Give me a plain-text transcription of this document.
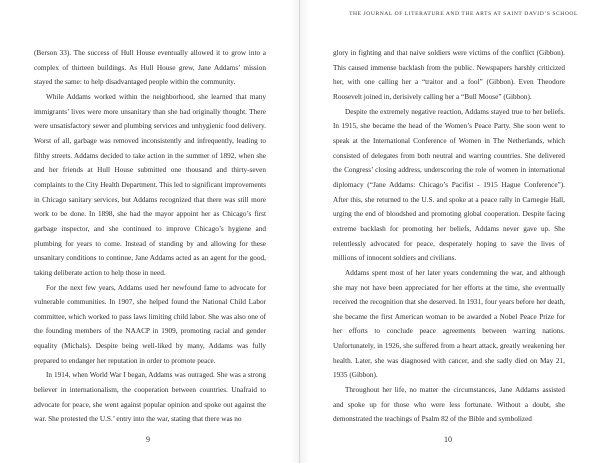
THE JOURNAL OF LITERATURE AND THE ARTS AT SAINT DAVID’S SCHOOL

(Berson 33). The success of Hull House eventually allowed it to grow into a complex of thirteen buildings. As Hull House grew, Jane Addams’ mission stayed the same: to help disadvantaged people within the community.

While Addams worked within the neighborhood, she learned that many immigrants’ lives were more unsanitary than she had originally thought. There were unsatisfactory sewer and plumbing services and unhygienic food delivery. Worst of all, garbage was removed inconsistently and infrequently, leading to filthy streets. Addams decided to take action in the summer of 1892, when she and her friends at Hull House submitted one thousand and thirty-seven complaints to the City Health Department. This led to significant improvements in Chicago sanitary services, but Addams recognized that there was still more work to be done. In 1898, she had the mayor appoint her as Chicago’s first garbage inspector, and she continued to improve Chicago’s hygiene and plumbing for years to come. Instead of standing by and allowing for these unsanitary conditions to continue, Jane Addams acted as an agent for the good, taking deliberate action to help those in need.

For the next few years, Addams used her newfound fame to advocate for vulnerable communities. In 1907, she helped found the National Child Labor committee, which worked to pass laws limiting child labor. She was also one of the founding members of the NAACP in 1909, promoting racial and gender equality (Michals). Despite being well-liked by many, Addams was fully prepared to endanger her reputation in order to promote peace.

In 1914, when World War I began, Addams was outraged. She was a strong believer in internationalism, the cooperation between countries. Unafraid to advocate for peace, she went against popular opinion and spoke out against the war. She protested the U.S.’ entry into the war, stating that there was no

glory in fighting and that naive soldiers were victims of the conflict (Gibbon). This caused immense backlash from the public. Newspapers harshly criticized her, with one calling her a “traitor and a fool” (Gibbon). Even Theodore Roosevelt joined in, derisively calling her a “Bull Moose” (Gibbon).

Despite the extremely negative reaction, Addams stayed true to her beliefs. In 1915, she became the head of the Women’s Peace Party. She soon went to speak at the International Conference of Women in The Netherlands, which consisted of delegates from both neutral and warring countries. She delivered the Congress’ closing address, underscoring the role of women in international diplomacy (“Jane Addams: Chicago’s Pacifist - 1915 Hague Conference”). After this, she returned to the U.S. and spoke at a peace rally in Carnegie Hall, urging the end of bloodshed and promoting global cooperation. Despite facing extreme backlash for promoting her beliefs, Addams never gave up. She relentlessly advocated for peace, desperately hoping to save the lives of millions of innocent soldiers and civilians.

Addams spent most of her later years condemning the war, and although she may not have been appreciated for her efforts at the time, she eventually received the recognition that she deserved. In 1931, four years before her death, she became the first American woman to be awarded a Nobel Peace Prize for her efforts to conclude peace agreements between warring nations. Unfortunately, in 1926, she suffered from a heart attack, greatly weakening her health. Later, she was diagnosed with cancer, and she sadly died on May 21, 1935 (Gibbon).

Throughout her life, no matter the circumstances, Jane Addams assisted and spoke up for those who were less fortunate. Without a doubt, she demonstrated the teachings of Psalm 82 of the Bible and symbolized

9	10
